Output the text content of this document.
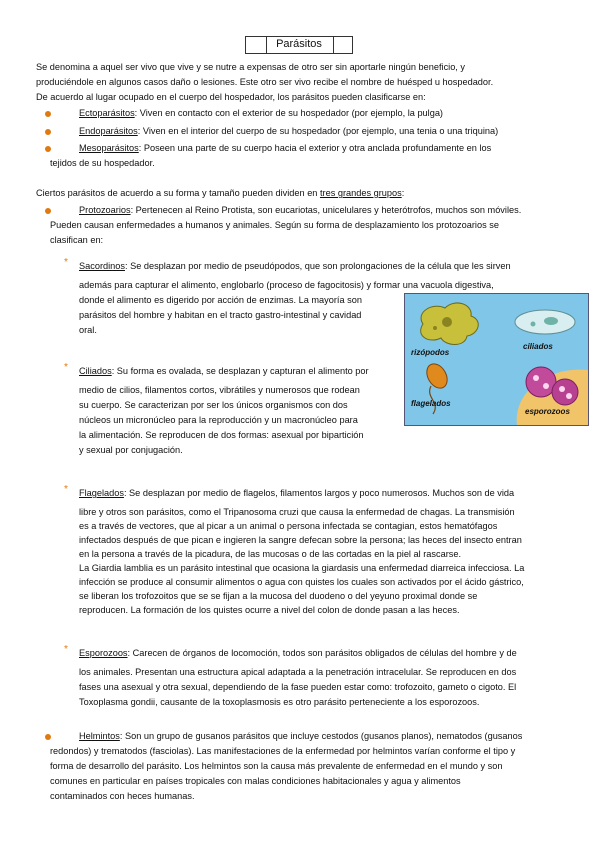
Parásitos
Se denomina a aquel ser vivo que vive y se nutre a expensas de otro ser sin aportarle ningún beneficio, y
produciéndole en algunos casos daño o lesiones. Este otro ser vivo recibe el nombre de huésped u hospedador.
De acuerdo al lugar ocupado en el cuerpo del hospedador, los parásitos pueden clasificarse en:
Ectoparásitos: Viven en contacto con el exterior de su hospedador (por ejemplo, la pulga)
Endoparásitos: Viven en el interior del cuerpo de su hospedador (por ejemplo, una tenia o una triquina)
Mesoparásitos: Poseen una parte de su cuerpo hacia el exterior y otra anclada profundamente en los
tejidos de su hospedador.
Ciertos parásitos de acuerdo a su forma y tamaño pueden dividen en tres grandes grupos:
Protozoarios: Pertenecen al Reino Protista, son eucariotas, unicelulares y heterótrofos, muchos son móviles.
Pueden causan enfermedades a humanos y animales. Según su forma de desplazamiento los protozoarios se
clasifican en:
* Sacordinos: Se desplazan por medio de pseudópodos, que son prolongaciones de la célula que les sirven
además para capturar el alimento, englobarlo (proceso de fagocitosis) y formar una vacuola digestiva,
donde el alimento es digerido por acción de enzimas. La mayoría son
parásitos del hombre y habitan en el tracto gastro-intestinal y cavidad
oral.
rizópodos
ciliados
flagelados
esporozoos
* Ciliados: Su forma es ovalada, se desplazan y capturan el alimento por
medio de cilios, filamentos cortos, vibrátiles y numerosos que rodean
su cuerpo. Se caracterizan por ser los únicos organismos con dos
núcleos un micronúcleo para la reproducción y un macronúcleo para
la alimentación. Se reproducen de dos formas: asexual por bipartición
y sexual por conjugación.
* Flagelados: Se desplazan por medio de flagelos, filamentos largos y poco numerosos. Muchos son de vida
libre y otros son parásitos, como el Tripanosoma cruzi que causa la enfermedad de chagas. La transmisión
es a través de vectores, que al picar a un animal o persona infectada se contagian, estos hematófagos
infectados después de que pican e ingieren la sangre defecan sobre la persona; las heces del insecto entran
en la persona a través de la picadura, de las mucosas o de las cortadas en la piel al rascarse.
La Giardia lamblia es un parásito intestinal que ocasiona la giardasis una enfermedad diarreica infecciosa. La
infección se produce al consumir alimentos o agua con quistes los cuales son activados por el ácido gástrico,
se liberan los trofozoitos que se se fijan a la mucosa del duodeno o del yeyuno proximal donde se
reproducen. La formación de los quistes ocurre a nivel del colon de donde pasan a las heces.
* Esporozoos: Carecen de órganos de locomoción, todos son parásitos obligados de células del hombre y de
los animales. Presentan una estructura apical adaptada a la penetración intracelular. Se reproducen en dos
fases una asexual y otra sexual, dependiendo de la fase pueden estar como: trofozoito, gameto o cigoto. El
Toxoplasma gondii, causante de la toxoplasmosis es otro parásito perteneciente a los esporozoos.
Helmintos: Son un grupo de gusanos parásitos que incluye cestodos (gusanos planos), nematodos (gusanos
redondos) y trematodos (fasciolas). Las manifestaciones de la enfermedad por helmintos varían conforme el tipo y
forma de desarrollo del parásito. Los helmintos son la causa más prevalente de enfermedad en el mundo y son
comunes en particular en países tropicales con malas condiciones habitacionales y agua y alimentos
contaminados con heces humanas.
